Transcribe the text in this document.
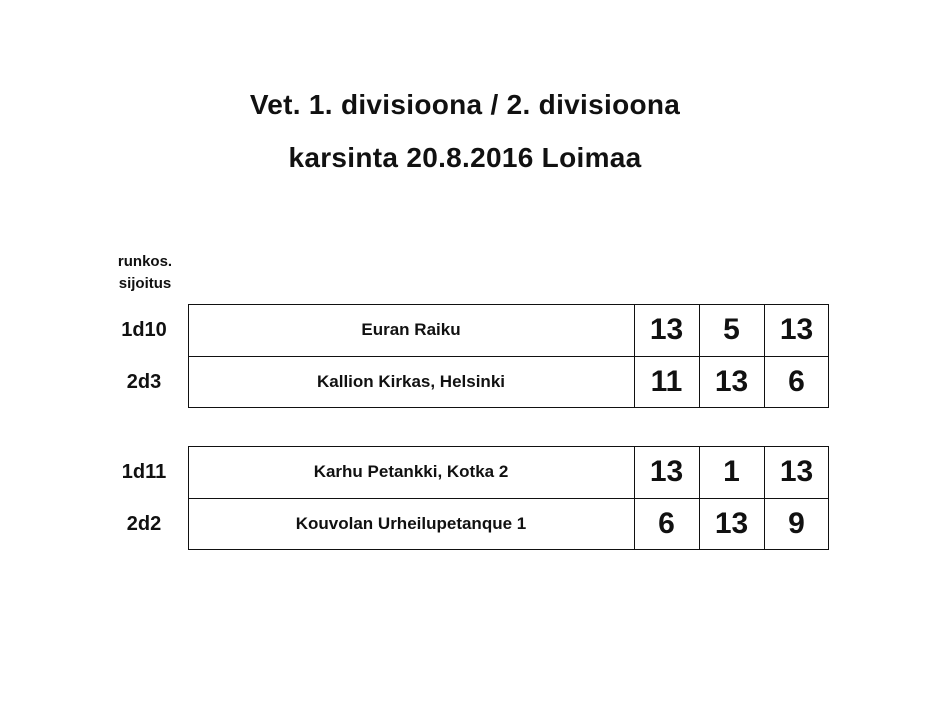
Vet. 1. divisioona / 2. divisioona
karsinta 20.8.2016 Loimaa
runkos.
sijoitus
1d10	Euran Raiku	13	5	13
2d3	Kallion Kirkas, Helsinki	11	13	6
1d11	Karhu Petankki, Kotka 2	13	1	13
2d2	Kouvolan Urheilupetanque 1	6	13	9
